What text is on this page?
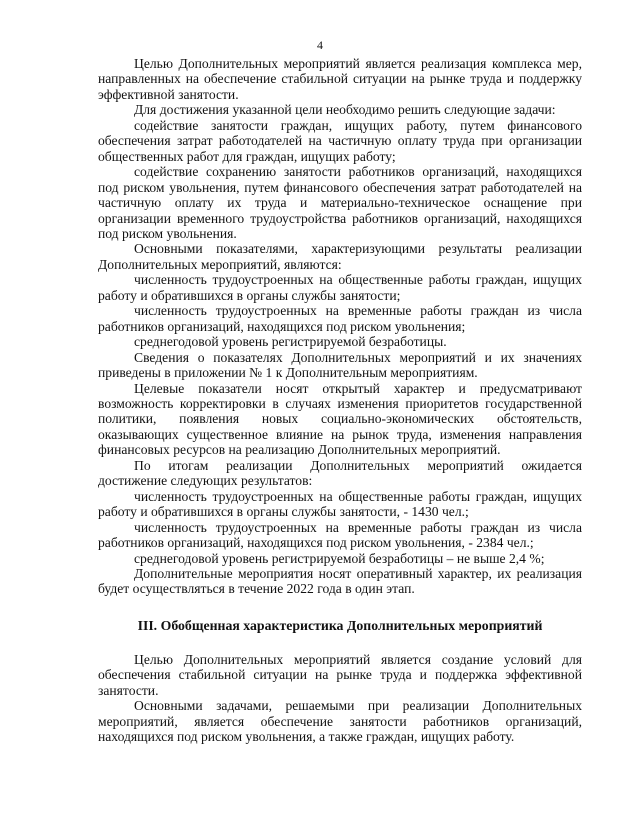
4

Целью Дополнительных мероприятий является реализация комплекса мер, направленных на обеспечение стабильной ситуации на рынке труда и поддержку эффективной занятости.

Для достижения указанной цели необходимо решить следующие задачи:

содействие занятости граждан, ищущих работу, путем финансового обеспечения затрат работодателей на частичную оплату труда при организации общественных работ для граждан, ищущих работу;

содействие сохранению занятости работников организаций, находящихся под риском увольнения, путем финансового обеспечения затрат работодателей на частичную оплату их труда и материально-техническое оснащение при организации временного трудоустройства работников организаций, находящихся под риском увольнения.

Основными показателями, характеризующими результаты реализации Дополнительных мероприятий, являются:

численность трудоустроенных на общественные работы граждан, ищущих работу и обратившихся в органы службы занятости;

численность трудоустроенных на временные работы граждан из числа работников организаций, находящихся под риском увольнения;

среднегодовой уровень регистрируемой безработицы.

Сведения о показателях Дополнительных мероприятий и их значениях приведены в приложении № 1 к Дополнительным мероприятиям.

Целевые показатели носят открытый характер и предусматривают возможность корректировки в случаях изменения приоритетов государственной политики, появления новых социально-экономических обстоятельств, оказывающих существенное влияние на рынок труда, изменения направления финансовых ресурсов на реализацию Дополнительных мероприятий.

По итогам реализации Дополнительных мероприятий ожидается достижение следующих результатов:

численность трудоустроенных на общественные работы граждан, ищущих работу и обратившихся в органы службы занятости, - 1430 чел.;

численность трудоустроенных на временные работы граждан из числа работников организаций, находящихся под риском увольнения, - 2384 чел.;

среднегодовой уровень регистрируемой безработицы – не выше 2,4 %;

Дополнительные мероприятия носят оперативный характер, их реализация будет осуществляться в течение 2022 года в один этап.

III. Обобщенная характеристика Дополнительных мероприятий

Целью Дополнительных мероприятий является создание условий для обеспечения стабильной ситуации на рынке труда и поддержка эффективной занятости.

Основными задачами, решаемыми при реализации Дополнительных мероприятий, является обеспечение занятости работников организаций, находящихся под риском увольнения, а также граждан, ищущих работу.
